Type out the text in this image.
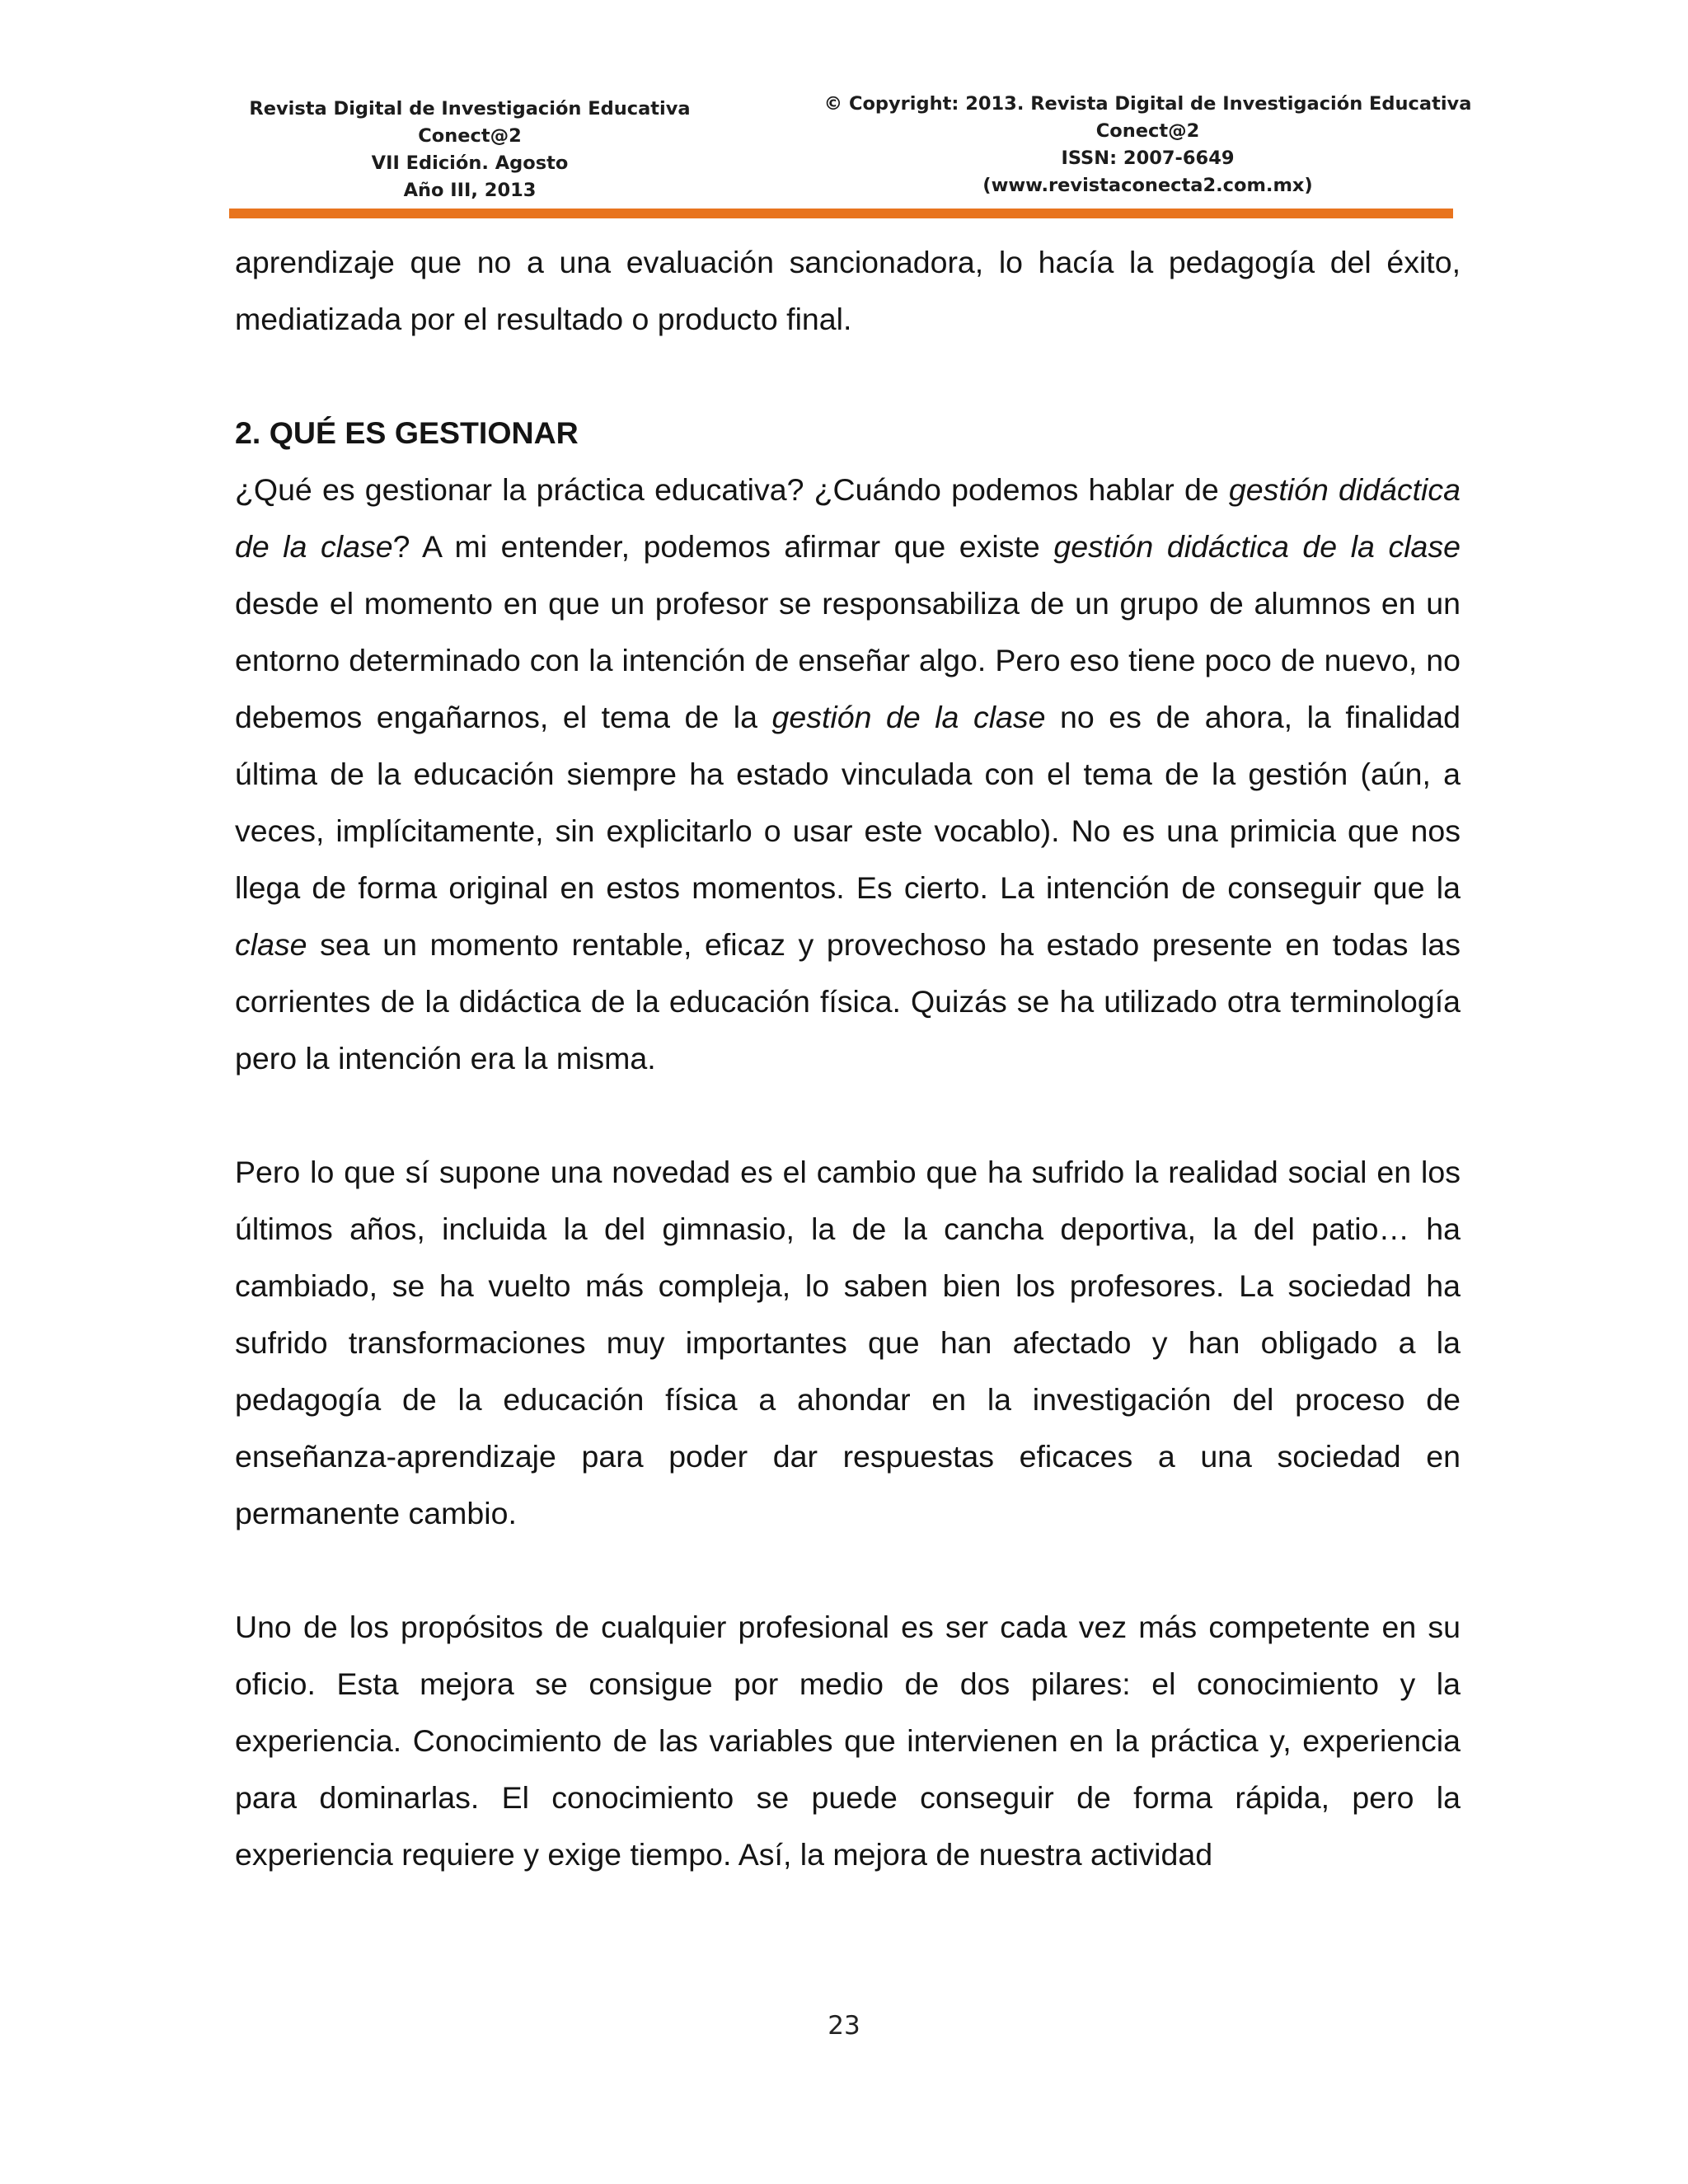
Revista Digital de Investigación Educativa
Conect@2
VII Edición. Agosto
Año III, 2013
© Copyright: 2013. Revista Digital de Investigación Educativa
Conect@2
ISSN: 2007-6649
(www.revistaconecta2.com.mx)

aprendizaje que no a una evaluación sancionadora, lo hacía la pedagogía del éxito, mediatizada por el resultado o producto final.

2. QUÉ ES GESTIONAR

¿Qué es gestionar la práctica educativa? ¿Cuándo podemos hablar de gestión didáctica de la clase? A mi entender, podemos afirmar que existe gestión didáctica de la clase desde el momento en que un profesor se responsabiliza de un grupo de alumnos en un entorno determinado con la intención de enseñar algo. Pero eso tiene poco de nuevo, no debemos engañarnos, el tema de la gestión de la clase no es de ahora, la finalidad última de la educación siempre ha estado vinculada con el tema de la gestión (aún, a veces, implícitamente, sin explicitarlo o usar este vocablo). No es una primicia que nos llega de forma original en estos momentos. Es cierto. La intención de conseguir que la clase sea un momento rentable, eficaz y provechoso ha estado presente en todas las corrientes de la didáctica de la educación física. Quizás se ha utilizado otra terminología pero la intención era la misma.

Pero lo que sí supone una novedad es el cambio que ha sufrido la realidad social en los últimos años, incluida la del gimnasio, la de la cancha deportiva, la del patio… ha cambiado, se ha vuelto más compleja, lo saben bien los profesores. La sociedad ha sufrido transformaciones muy importantes que han afectado y han obligado a la pedagogía de la educación física a ahondar en la investigación del proceso de enseñanza-aprendizaje para poder dar respuestas eficaces a una sociedad en permanente cambio.

Uno de los propósitos de cualquier profesional es ser cada vez más competente en su oficio. Esta mejora se consigue por medio de dos pilares: el conocimiento y la experiencia. Conocimiento de las variables que intervienen en la práctica y, experiencia para dominarlas. El conocimiento se puede conseguir de forma rápida, pero la experiencia requiere y exige tiempo. Así, la mejora de nuestra actividad

23
